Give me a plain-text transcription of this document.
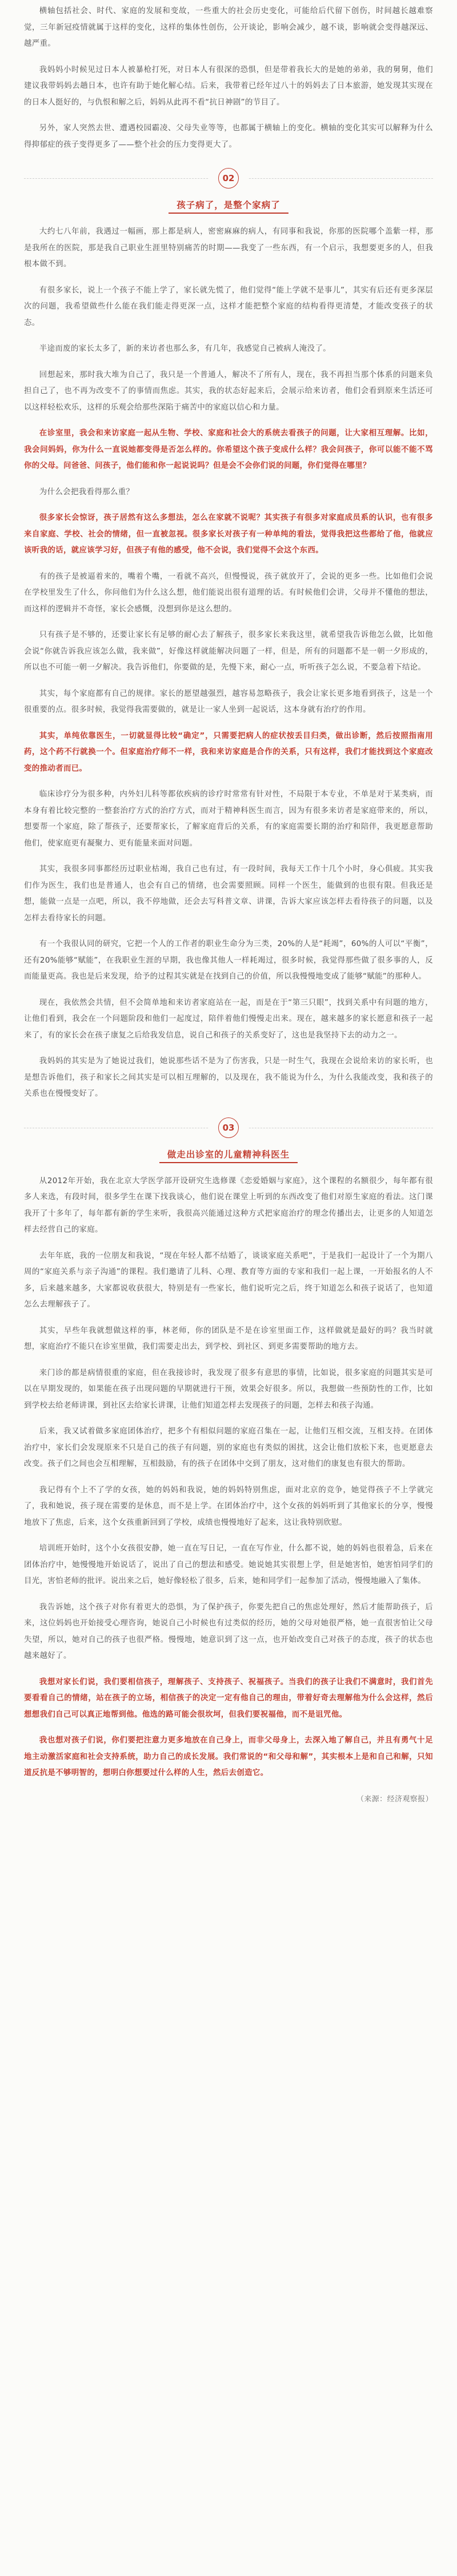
横轴包括社会、时代、家庭的发展和变故，一些重大的社会历史变化，可能给后代留下创伤，时间越长越难察觉，三年新冠疫情就属于这样的变化，这样的集体性创伤，公开谈论，影响会减少，越不谈，影响就会变得越深远、越严重。

我妈妈小时候见过日本人被暴枪打死，对日本人有很深的恐惧，但是带着我长大的是她的弟弟，我的舅舅，他们建议我带妈妈去趟日本，也许有助于她化解心结。后来，我带着已经年过八十的妈妈去了日本旅游，她发现其实现在的日本人挺好的，与仇恨和解之后，妈妈从此再不看“抗日神剧”的节目了。

另外，家人突然去世、遭遇校园霸凌、父母失业等等，也都属于横轴上的变化。横轴的变化其实可以解释为什么得抑郁症的孩子变得更多了——整个社会的压力变得更大了。

02
孩子病了，是整个家病了

大约七八年前，我遇过一幅画，那上都是病人，密密麻麻的病人，有同事和我说，你那的医院哪个盖紫一样，那是我所在的医院，那是我自己职业生涯里特别痛苦的时期——我变了一些东西，有一个启示，我想要更多的人，但我根本做不到。

有很多家长，说上一个孩子不能上学了，家长就先慌了，他们觉得“能上学就不是事儿”，其实有后还有更多深层次的问题，我希望做些什么能在我们能走得更深一点，这样才能把整个家庭的结构看得更清楚，才能改变孩子的状态。

半途而废的家长太多了，新的来访者也那么多，有几年，我感觉自己被病人淹没了。

回想起来，那时我大堆为自己了，我只是一个普通人，解决不了所有人，现在，我不再担当那个体系的问题来负担自己了，也不再为改变不了的事情而焦虑。其实，我的状态好起来后，会展示给来访者，他们会看到原来生活还可以这样轻松欢乐，这样的乐观会给那些深陷于痛苦中的家庭以信心和力量。

在诊室里，我会和来访家庭一起从生物、学校、家庭和社会大的系统去看孩子的问题，让大家相互理解。比如，我会问妈妈，你为什么一直说她都变得是否怎么样的。你希望这个孩子变成什么样？我会问孩子，你可以能不能不骂你的父母。问爸爸、问孩子，他们能和你一起说说吗？但是会不会你们说的问题，你们觉得在哪里？

为什么会把我看得那么重？

很多家长会惊讶，孩子居然有这么多想法，怎么在家就不说呢？其实孩子有很多对家庭成员系的认识，也有很多来自家庭、学校、社会的情绪，但一直被忽视。很多家长对孩子有一种单纯的看法，觉得我把这些都给了他，他就应该听我的话，就应该学习好，但孩子有他的感受，他不会说，我们觉得不会这个东西。

有的孩子是被逼着来的，嘴着个嘴，一看就不高兴，但慢慢说，孩子就放开了，会说的更多一些。比如他们会说在学校里发生了什么，你问他们为什么这么想，他们能说出很有道理的话。有时候他们会讲，父母并不懂他的想法，而这样的逻辑并不奇怪，家长会感慨，没想到你是这么想的。

只有孩子是不够的，还要让家长有足够的耐心去了解孩子，很多家长来我这里，就希望我告诉他怎么做，比如他会说“你就告诉我应该怎么做，我来做”，好像这样就能解决问题了一样，但是，所有的问题都不是一朝一夕形成的，所以也不可能一朝一夕解决。我告诉他们，你要做的是，先慢下来，耐心一点，听听孩子怎么说，不要急着下结论。

其实，每个家庭都有自己的规律。家长的愿望越强烈，越容易忽略孩子，我会让家长更多地看到孩子，这是一个很重要的点。很多时候，我觉得我需要做的，就是让一家人坐到一起说话，这本身就有治疗的作用。

其实，单纯依靠医生，一切就显得比较“确定”，只需要把病人的症状按丢目归类，做出诊断，然后按照指南用药，这个药不行就换一个。但家庭治疗师不一样，我和来访家庭是合作的关系，只有这样，我们才能找到这个家庭改变的推动者而已。

临床诊疗分为很多种，内外妇儿科等都依疾病的诊疗时常常有针对性，不局限于本专业，不单是对于某类病，而本身有着比较完整的一整套治疗方式的治疗方式，而对于精神科医生而言，因为有很多来访者是家庭带来的，所以，想要帮一个家庭，除了帮孩子，还要帮家长，了解家庭背后的关系，有的家庭需要长期的治疗和陪伴，我更愿意帮助他们，使家庭更有凝聚力、更有能量来面对问题。

其实，我很多同事都经历过职业枯竭，我自己也有过，有一段时间，我每天工作十几个小时，身心俱疲。其实我们作为医生，我们也是普通人，也会有自己的情绪，也会需要照顾。同样一个医生，能做到的也很有限。但我还是想，能做一点是一点吧，所以，我不停地做，还会去写科普文章、讲课，告诉大家应该怎样去看待孩子的问题，以及怎样去看待家长的问题。

有一个我很认同的研究，它把一个人的工作者的职业生命分为三类，20%的人是“耗竭”，60%的人可以“平衡”，还有20%能够“赋能”，在我职业生涯的早期，我也像其他人一样耗竭过，很多时候，我觉得那些做了很多事的人，反而能量更高。我也是后来发现，给予的过程其实就是在找到自己的价值，所以我慢慢地变成了能够“赋能”的那种人。

现在，我依然会共情，但不会简单地和来访者家庭站在一起，而是在于“第三只眼”，找到关系中有问题的地方，让他们看到，我会在一个问题阶段和他们一起度过，陪伴着他们慢慢走出来。现在，越来越多的家长愿意和孩子一起来了，有的家长会在孩子康复之后给我发信息，说自己和孩子的关系变好了，这也是我坚持下去的动力之一。

我妈妈的其实是为了她说过我们，她说那些话不是为了伤害我，只是一时生气，我现在会说给来访的家长听，也是想告诉他们，孩子和家长之间其实是可以相互理解的，以及现在，我不能说为什么，为什么我能改变，我和孩子的关系也在慢慢变好了。

03
做走出诊室的儿童精神科医生

从2012年开始，我在北京大学医学部开设研究生选修课《恋爱婚姻与家庭》，这个课程的名额很少，每年都有很多人来选，有段时间，很多学生在课下找我谈心，他们说在课堂上听到的东西改变了他们对原生家庭的看法。这门课我开了十多年了，每年都有新的学生来听，我很高兴能通过这种方式把家庭治疗的理念传播出去，让更多的人知道怎样去经营自己的家庭。

去年年底，我的一位朋友和我说，“现在年轻人都不结婚了，谈谈家庭关系吧”，于是我们一起设计了一个为期八周的“家庭关系与亲子沟通”的课程。我们邀请了儿科、心理、教育等方面的专家和我们一起上课，一开始报名的人不多，后来越来越多，大家都说收获很大，特别是有一些家长，他们说听完之后，终于知道怎么和孩子说话了，也知道怎么去理解孩子了。

其实，早些年我就想做这样的事，林老师，你的团队是不是在诊室里面工作，这样做就是最好的吗？我当时就想，家庭治疗不能只在诊室里做，我们需要走出去，到学校、到社区、到更多需要帮助的地方去。

来门诊的都是病情很重的家庭，但在我接诊时，我发现了很多有意思的事情，比如说，很多家庭的问题其实是可以在早期发现的，如果能在孩子出现问题的早期就进行干预，效果会好很多。所以，我想做一些预防性的工作，比如到学校去给老师讲课，到社区去给家长讲课，让他们知道怎样去发现孩子的问题，怎样去和孩子沟通。

后来，我又试着做多家庭团体治疗，把多个有相似问题的家庭召集在一起，让他们互相交流，互相支持。在团体治疗中，家长们会发现原来不只是自己的孩子有问题，别的家庭也有类似的困扰，这会让他们放松下来，也更愿意去改变。孩子们之间也会互相理解，互相鼓励，有的孩子在团体中交到了朋友，这对他们的康复也有很大的帮助。

我记得有个上不了学的女孩，她的妈妈和我说，她的妈妈特别焦虑，面对北京的竞争，她觉得孩子不上学就完了，我和她说，孩子现在需要的是休息，而不是上学。在团体治疗中，这个女孩的妈妈听到了其他家长的分享，慢慢地放下了焦虑，后来，这个女孩重新回到了学校，成绩也慢慢地好了起来，这让我特别欣慰。

培训班开始时，这个小女孩很安静，她一直在写日记，一直在写作业，什么都不说，她的妈妈也很着急，后来在团体治疗中，她慢慢地开始说话了，说出了自己的想法和感受。她说她其实很想上学，但是她害怕，她害怕同学们的目光，害怕老师的批评。说出来之后，她好像轻松了很多，后来，她和同学们一起参加了活动，慢慢地融入了集体。

我告诉她，这个孩子对你有着更大的恐惧，为了保护孩子，你要先把自己的焦虑处理好，然后才能帮助孩子，后来，这位妈妈也开始接受心理咨询，她说自己小时候也有过类似的经历，她的父母对她很严格，她一直很害怕让父母失望，所以，她对自己的孩子也很严格。慢慢地，她意识到了这一点，也开始改变自己对孩子的态度，孩子的状态也越来越好了。

我想对家长们说，我们要相信孩子，理解孩子、支持孩子、祝福孩子。当我们的孩子让我们不满意时，我们首先要看看自己的情绪，站在孩子的立场，相信孩子的决定一定有他自己的理由，带着好奇去理解他为什么会这样，然后想想我们自己可以真正地帮到他。他选的路可能会很坎坷，但我们要祝福他，而不是诅咒他。

我也想对孩子们说，你们要把注意力更多地放在自己身上，而非父母身上，去深入地了解自己，并且有勇气十足地主动激活家庭和社会支持系统，助力自己的成长发展。我们常说的“和父母和解”，其实根本上是和自己和解，只知道反抗是不够明智的，想明白你想要过什么样的人生，然后去创造它。

（来源：经济观察报）
